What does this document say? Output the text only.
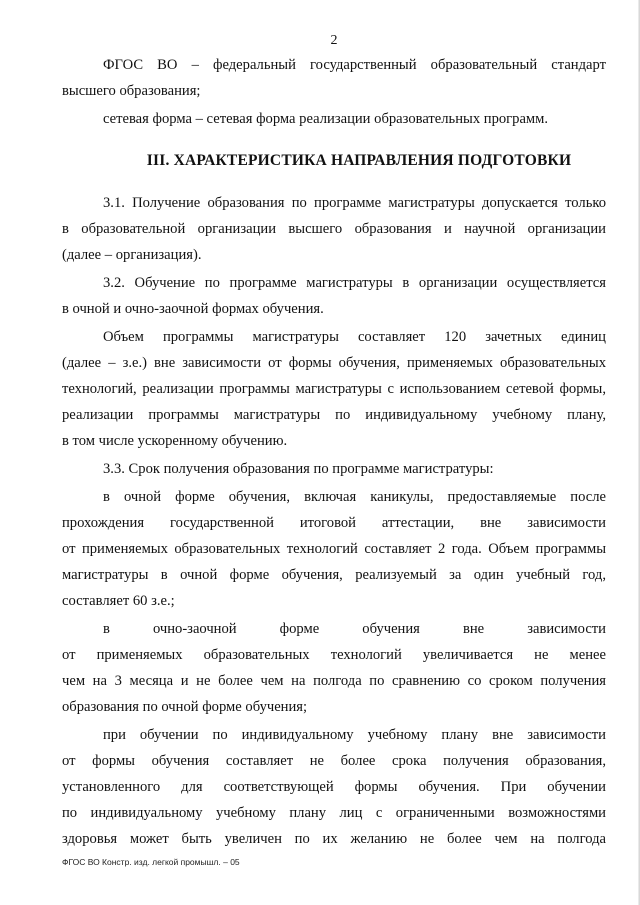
2
ФГОС ВО – федеральный государственный образовательный стандарт
высшего образования;
сетевая форма – сетевая форма реализации образовательных программ.
III. ХАРАКТЕРИСТИКА НАПРАВЛЕНИЯ ПОДГОТОВКИ
3.1. Получение образования по программе магистратуры допускается только
в образовательной организации высшего образования и научной организации
(далее – организация).
3.2. Обучение по программе магистратуры в организации осуществляется
в очной и очно-заочной формах обучения.
Объем программы магистратуры составляет 120 зачетных единиц
(далее – з.е.) вне зависимости от формы обучения, применяемых образовательных
технологий, реализации программы магистратуры с использованием сетевой формы,
реализации программы магистратуры по индивидуальному учебному плану,
в том числе ускоренному обучению.
3.3. Срок получения образования по программе магистратуры:
в очной форме обучения, включая каникулы, предоставляемые после
прохождения государственной итоговой аттестации, вне зависимости
от применяемых образовательных технологий составляет 2 года. Объем программы
магистратуры в очной форме обучения, реализуемый за один учебный год,
составляет 60 з.е.;
в очно-заочной форме обучения вне зависимости
от применяемых образовательных технологий увеличивается не менее
чем на 3 месяца и не более чем на полгода по сравнению со сроком получения
образования по очной форме обучения;
при обучении по индивидуальному учебному плану вне зависимости
от формы обучения составляет не более срока получения образования,
установленного для соответствующей формы обучения. При обучении
по индивидуальному учебному плану лиц с ограниченными возможностями
здоровья может быть увеличен по их желанию не более чем на полгода
ФГОС ВО Констр. изд. легкой промышл. – 05
